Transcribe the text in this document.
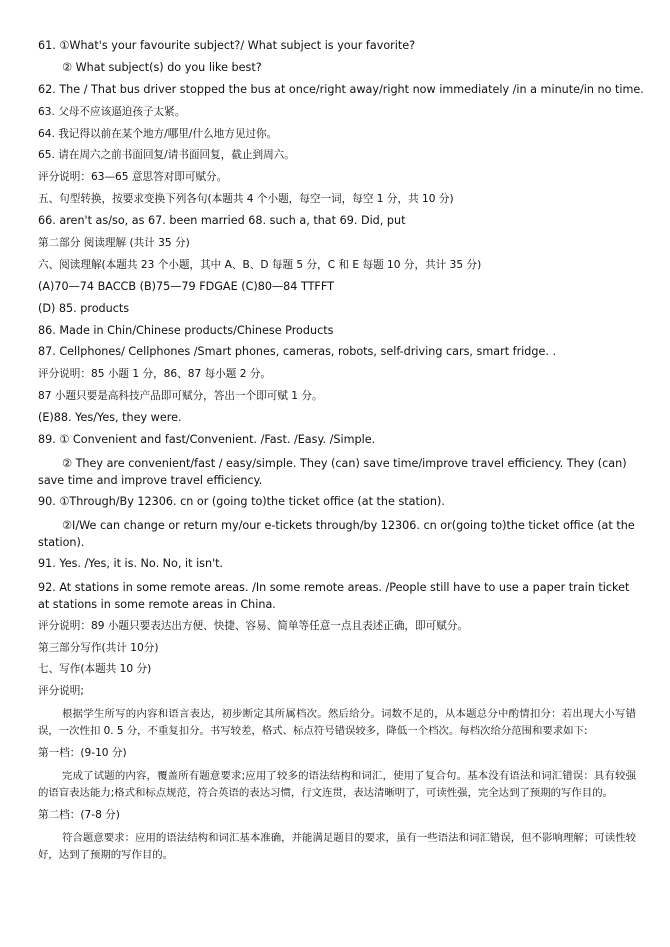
61. ①What's your favourite subject?/ What subject is your favorite?
② What subject(s) do you like best?
62. The / That bus driver stopped the bus at once/right away/right now immediately /in a minute/in no time.
63. 父母不应该逼迫孩子太紧。
64. 我记得以前在某个地方/哪里/什么地方见过你。
65. 请在周六之前书面回复/请书面回复，截止到周六。
评分说明：63—65 意思答对即可赋分。
五、句型转换，按要求变换下列各句(本题共 4 个小题，每空一词，每空 1 分，共 10 分)
66. aren't as/so, as 67. been married 68. such a, that 69. Did, put
第二部分 阅读理解 (共计 35 分)
六、阅读理解(本题共 23 个小题，其中 A、B、D 每题 5 分，C 和 E 每题 10 分，共计 35 分)
(A)70—74 BACCB (B)75—79 FDGAE (C)80—84 TTFFT
(D) 85. products
86. Made in Chin/Chinese products/Chinese Products
87. Cellphones/ Cellphones /Smart phones, cameras, robots, self-driving cars, smart fridge. .
评分说明：85 小题 1 分，86、87 每小题 2 分。
87 小题只要是高科技产品即可赋分，答出一个即可赋 1 分。
(E)88. Yes/Yes, they were.
89. ① Convenient and fast/Convenient. /Fast. /Easy. /Simple.
② They are convenient/fast / easy/simple. They (can) save time/improve travel efficiency. They (can) save time and improve travel efficiency.
90. ①Through/By 12306. cn or (going to)the ticket office (at the station).
②I/We can change or return my/our e-tickets through/by 12306. cn or(going to)the ticket office (at the station).
91. Yes. /Yes, it is. No. No, it isn't.
92. At stations in some remote areas. /In some remote areas. /People still have to use a paper train ticket at stations in some remote areas in China.
评分说明：89 小题只要表达出方便、快捷、容易、简单等任意一点且表述正确，即可赋分。
第三部分写作(共计 10分)
七、写作(本题共 10 分)
评分说明;
根据学生所写的内容和语言表达，初步断定其所属档次。然后给分。词数不足的，从本题总分中酌情扣分：若出现大小写错误，一次性扣 0. 5 分，不重复扣分。书写较差，格式、标点符号错误较多，降低一个档次。每档次给分范围和要求如下:
第一档：(9-10 分)
完成了试题的内容，覆盖所有题意要求;应用了较多的语法结构和词汇，使用了复合句。基本没有语法和词汇错误：具有较强的语盲表达能力;格式和标点规范，符合英语的表达习惯，行文连贯，表达清晰明了，可读性强，完全达到了预期的写作目的。
第二档：(7-8 分)
符合题意要求：应用的语法结构和词汇基本准确，并能满足题目的要求，虽有一些语法和词汇错误，但不影响理解；可读性较好，达到了预期的写作目的。
